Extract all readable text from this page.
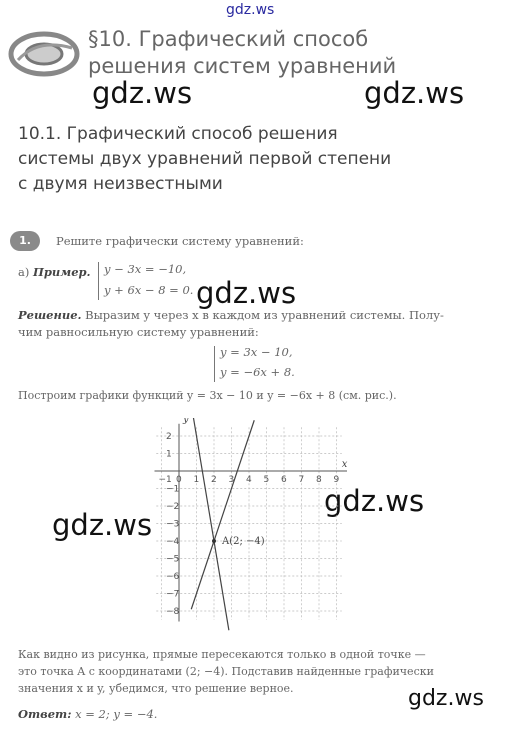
gdz.ws
gdz.ws	gdz.ws
gdz.ws
gdz.ws
gdz.ws
gdz.ws
§10. Графический способ
решения систем уравнений
10.1. Графический способ решения
системы двух уравнений первой степени
с двумя неизвестными
1.	Решите графически систему уравнений:
а) Пример. y − 3x = −10,
y + 6x − 8 = 0.
Решение. Выразим y через x в каждом из уравнений системы. Полу-
чим равносильную систему уравнений:
y = 3x − 10,
y = −6x + 8.
Построим графики функций y = 3x − 10 и y = −6x + 8 (см. рис.).
−1 0 1 2 3 4 5 6 7 8 9
2
1
−1
−2
−3
−4
−5
−6
−7
−8
y
x
A(2; −4)
Как видно из рисунка, прямые пересекаются только в одной точке —
это точка A с координатами (2; −4). Подставив найденные графически
значения x и y, убедимся, что решение верное.
Ответ: x = 2; y = −4.
